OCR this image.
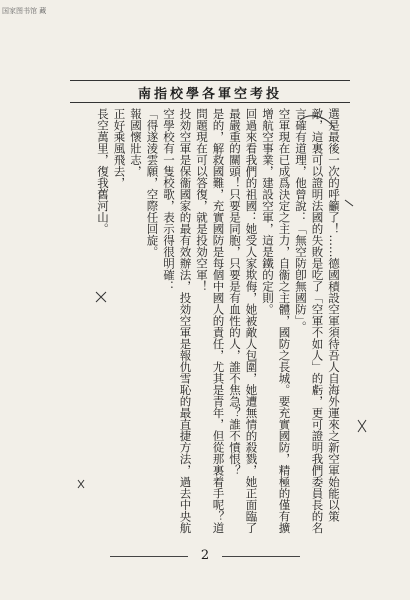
国家图书馆 藏
南指校學各軍空考投

選是最後一次的呼籲了！……德國積設空軍須待吾人自海外運來之新空軍始能以策敵，這裏可以證明法國的失敗是吃了「空軍不如人」的虧，更可證明我們委員長的名言確有道理，他曾說：「無空防卽無國防」。

空軍現在已成爲決定之主力，自衞之主體，國防之長城。要充實國防，精極的僅有擴增航空事業，建設空軍，這是鐵的定則。

回過來看我們的祖國：她受人家欺侮，她被敵人包圍，她遭無情的殺戮，她正面臨了最嚴重的關頭！只要是同胞，只要是有血性的人，誰不焦急？誰不憤恨？

是的，解救國難，充實國防是每個中國人的責任，尤其是青年，但從那裏着手呢？道問題現在可以答復，就是投効空軍！

投効空軍是保衞國家的最有效辦法，投効空軍是報仇雪恥的最直捷方法，過去中央航空學校有一隻校歌，表示得很明確：

「得遂淩雲願，空際任回旋。

報國懷壯志，

正好乘風飛去，

長空萬里，復我舊河山。

2
